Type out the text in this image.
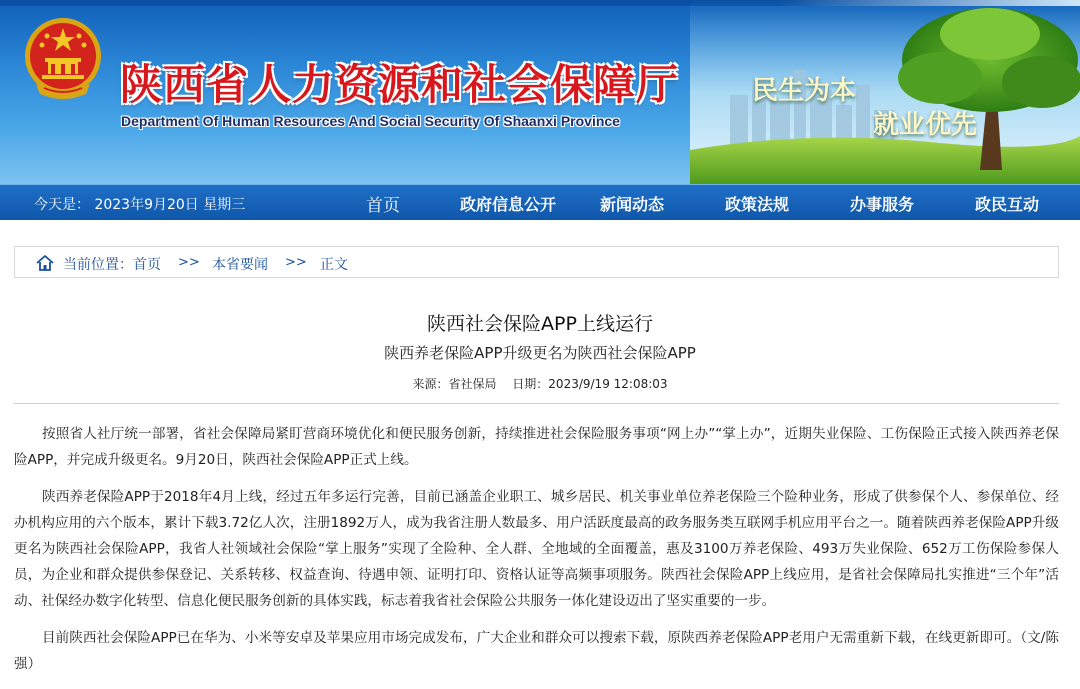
陕西省人力资源和社会保障厅
Department Of Human Resources And Social Security Of Shaanxi Province
民生为本
就业优先
今天是： 2023年9月20日 星期三	首页	政府信息公开	新闻动态	政策法规	办事服务	政民互动
当前位置：首页 >> 本省要闻 >> 正文
陕西社会保险APP上线运行
陕西养老保险APP升级更名为陕西社会保险APP
来源：省社保局 日期：2023/9/19 12:08:03

按照省人社厅统一部署，省社会保障局紧盯营商环境优化和便民服务创新，持续推进社会保险服务事项“网上办”“掌上办”，近期失业保险、工伤保险正式接入陕西养老保险APP，并完成升级更名。9月20日，陕西社会保险APP正式上线。

陕西养老保险APP于2018年4月上线，经过五年多运行完善，目前已涵盖企业职工、城乡居民、机关事业单位养老保险三个险种业务，形成了供参保个人、参保单位、经办机构应用的六个版本，累计下载3.72亿人次，注册1892万人，成为我省注册人数最多、用户活跃度最高的政务服务类互联网手机应用平台之一。随着陕西养老保险APP升级更名为陕西社会保险APP，我省人社领域社会保险“掌上服务”实现了全险种、全人群、全地域的全面覆盖，惠及3100万养老保险、493万失业保险、652万工伤保险参保人员，为企业和群众提供参保登记、关系转移、权益查询、待遇申领、证明打印、资格认证等高频事项服务。陕西社会保险APP上线应用，是省社会保障局扎实推进“三个年”活动、社保经办数字化转型、信息化便民服务创新的具体实践，标志着我省社会保险公共服务一体化建设迈出了坚实重要的一步。

目前陕西社会保险APP已在华为、小米等安卓及苹果应用市场完成发布，广大企业和群众可以搜索下载，原陕西养老保险APP老用户无需重新下载，在线更新即可。（文/陈强）
